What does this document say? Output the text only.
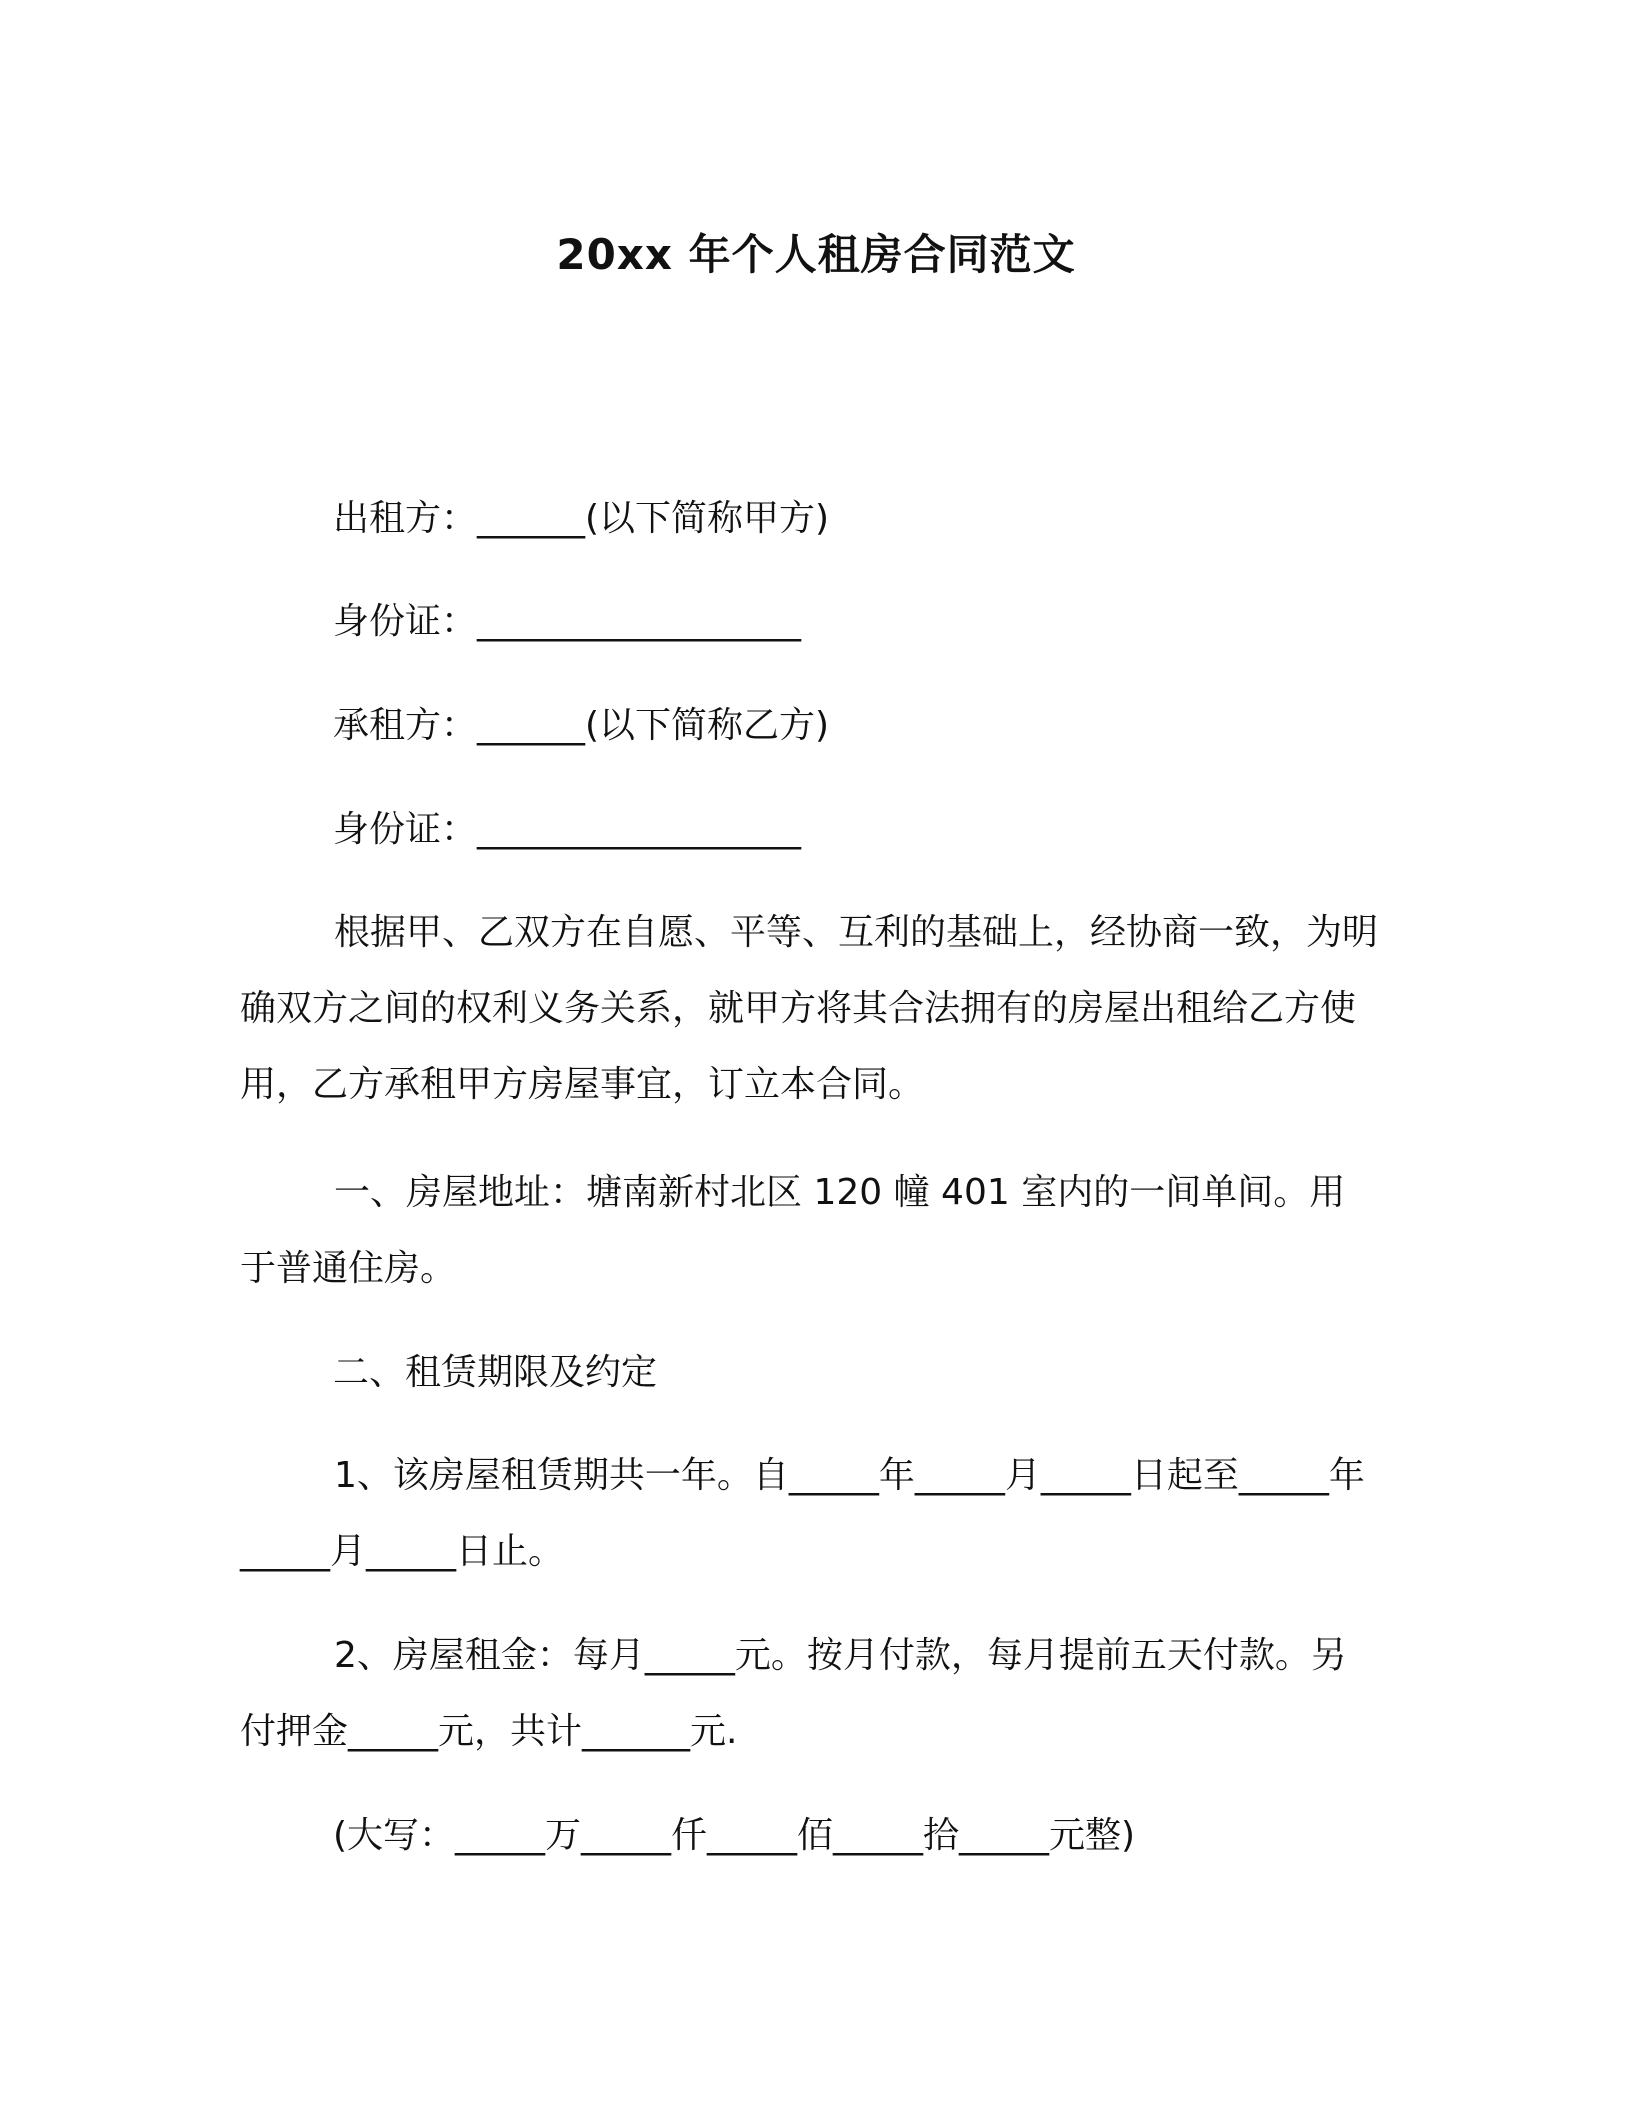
20xx 年个人租房合同范文
出租方：______(以下简称甲方)
身份证：__________________
承租方：______(以下简称乙方)
身份证：__________________

根据甲、乙双方在自愿、平等、互利的基础上，经协商一致，为明确双方之间的权利义务关系，就甲方将其合法拥有的房屋出租给乙方使用，乙方承租甲方房屋事宜，订立本合同。

一、房屋地址：塘南新村北区 120 幢 401 室内的一间单间。用于普通住房。

二、租赁期限及约定

1、该房屋租赁期共一年。自_____年_____月_____日起至_____年_____月_____日止。

2、房屋租金：每月_____元。按月付款，每月提前五天付款。另付押金_____元，共计______元.

(大写：_____万_____仟_____佰_____拾_____元整)
